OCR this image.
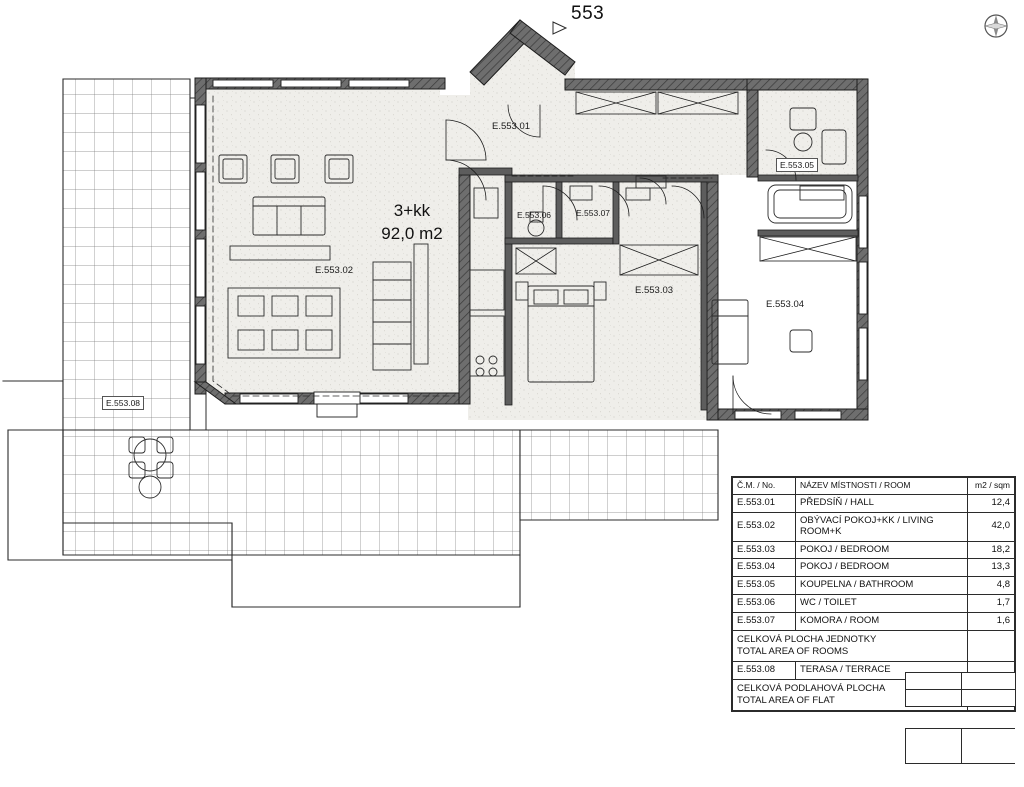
553
3+kk
92,0 m2
E.553.01
E.553.02
E.553.03
E.553.04
E.553.05
E.553.06	E.553.07
E.553.08
Č.M. / No.	NÁZEV MÍSTNOSTI / ROOM	m2 / sqm
E.553.01	PŘEDSÍŇ / HALL	12,4
E.553.02	OBÝVACÍ POKOJ+KK / LIVING ROOM+K	42,0
E.553.03	POKOJ / BEDROOM	18,2
E.553.04	POKOJ / BEDROOM	13,3
E.553.05	KOUPELNA / BATHROOM	4,8
E.553.06	WC / TOILET	1,7
E.553.07	KOMORA / ROOM	1,6
CELKOVÁ PLOCHA JEDNOTKY
TOTAL AREA OF ROOMS		
E.553.08	TERASA / TERRACE	
CELKOVÁ PODLAHOVÁ PLOCHA
TOTAL AREA OF FLAT	
